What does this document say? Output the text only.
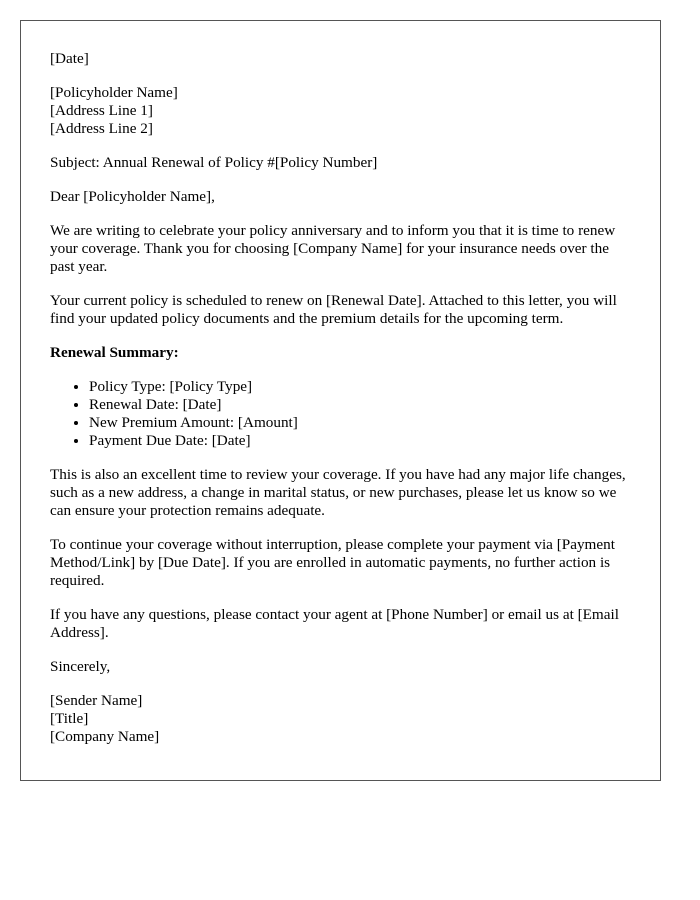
[Date]

[Policyholder Name]
[Address Line 1]
[Address Line 2]

Subject: Annual Renewal of Policy #[Policy Number]

Dear [Policyholder Name],

We are writing to celebrate your policy anniversary and to inform you that it is time to renew your coverage. Thank you for choosing [Company Name] for your insurance needs over the past year.

Your current policy is scheduled to renew on [Renewal Date]. Attached to this letter, you will find your updated policy documents and the premium details for the upcoming term.

Renewal Summary:

• Policy Type: [Policy Type]
• Renewal Date: [Date]
• New Premium Amount: [Amount]
• Payment Due Date: [Date]

This is also an excellent time to review your coverage. If you have had any major life changes, such as a new address, a change in marital status, or new purchases, please let us know so we can ensure your protection remains adequate.

To continue your coverage without interruption, please complete your payment via [Payment Method/Link] by [Due Date]. If you are enrolled in automatic payments, no further action is required.

If you have any questions, please contact your agent at [Phone Number] or email us at [Email Address].

Sincerely,

[Sender Name]
[Title]
[Company Name]
